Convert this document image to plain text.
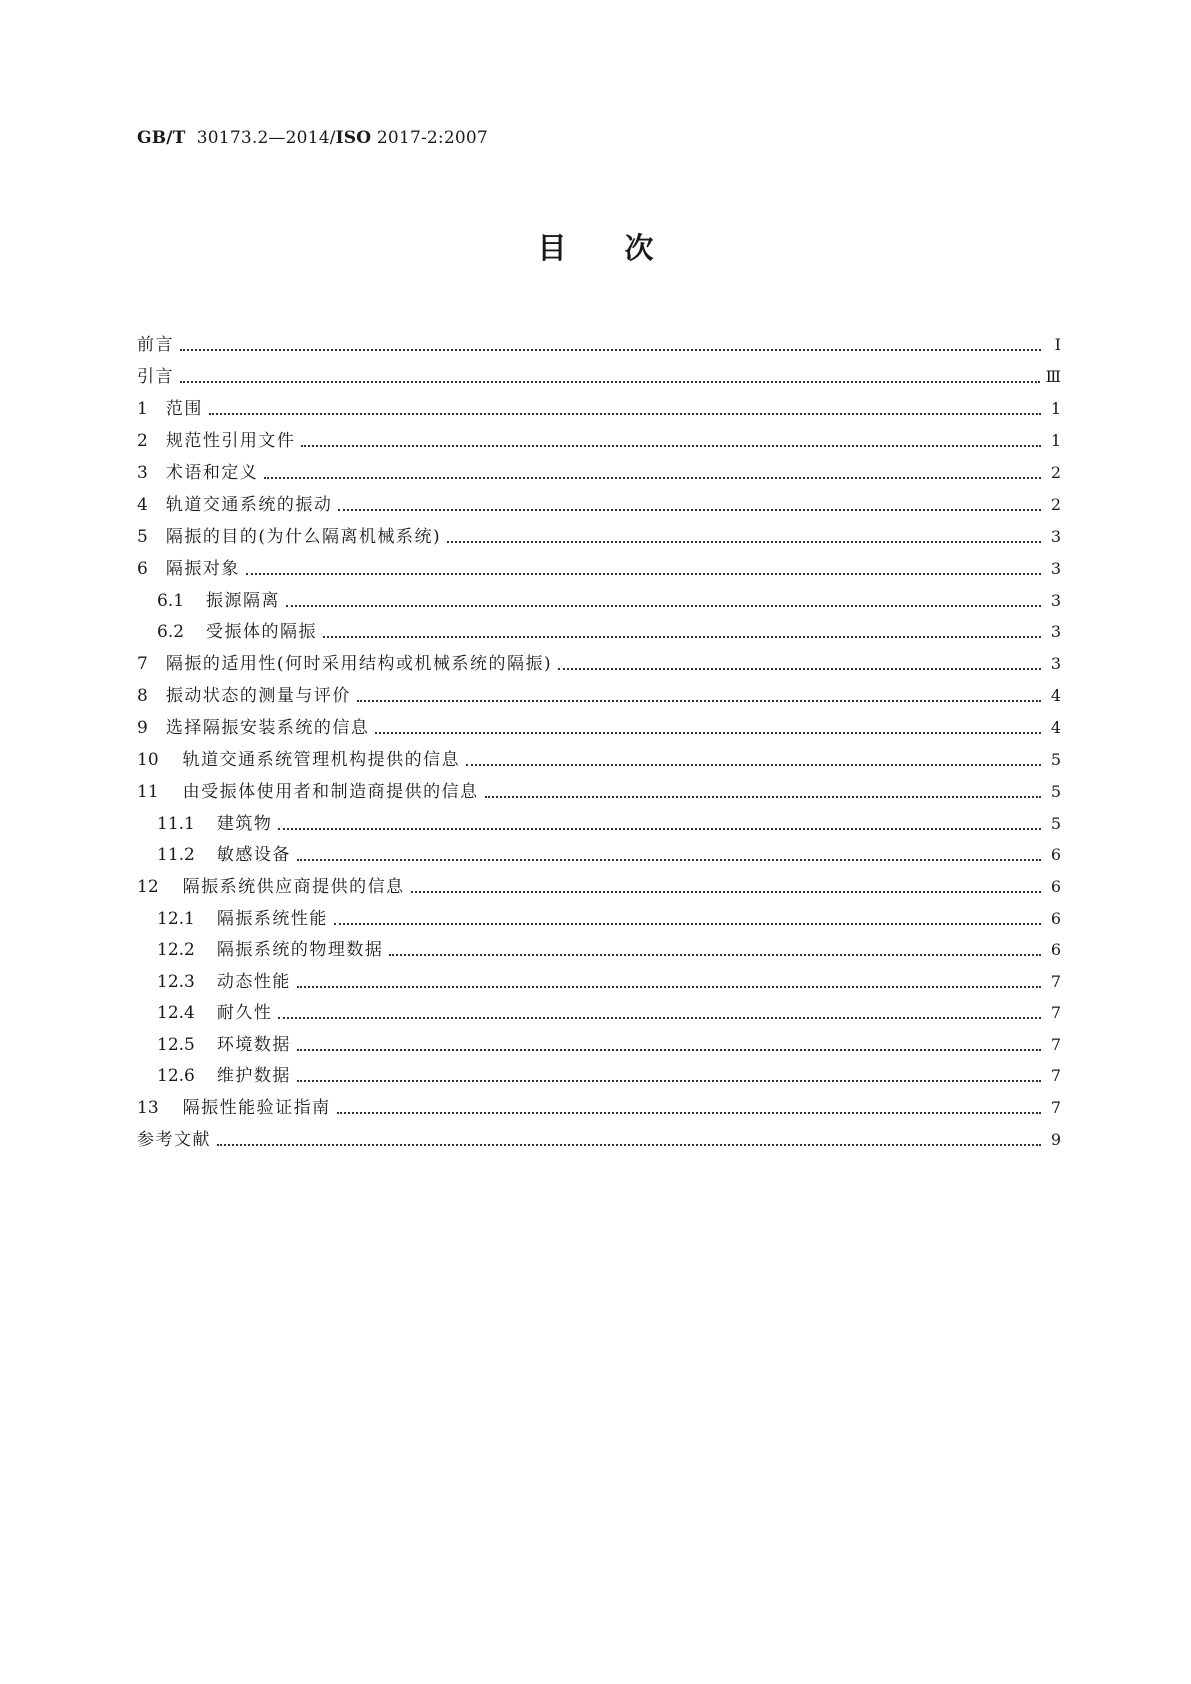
GB/T 30173.2—2014/ISO 2017-2:2007
目次
前言	Ⅰ
引言	Ⅲ
1 范围	1
2 规范性引用文件	1
3 术语和定义	2
4 轨道交通系统的振动	2
5 隔振的目的(为什么隔离机械系统)	3
6 隔振对象	3
6.1 振源隔离	3
6.2 受振体的隔振	3
7 隔振的适用性(何时采用结构或机械系统的隔振)	3
8 振动状态的测量与评价	4
9 选择隔振安装系统的信息	4
10 轨道交通系统管理机构提供的信息	5
11 由受振体使用者和制造商提供的信息	5
11.1 建筑物	5
11.2 敏感设备	6
12 隔振系统供应商提供的信息	6
12.1 隔振系统性能	6
12.2 隔振系统的物理数据	6
12.3 动态性能	7
12.4 耐久性	7
12.5 环境数据	7
12.6 维护数据	7
13 隔振性能验证指南	7
参考文献	9
